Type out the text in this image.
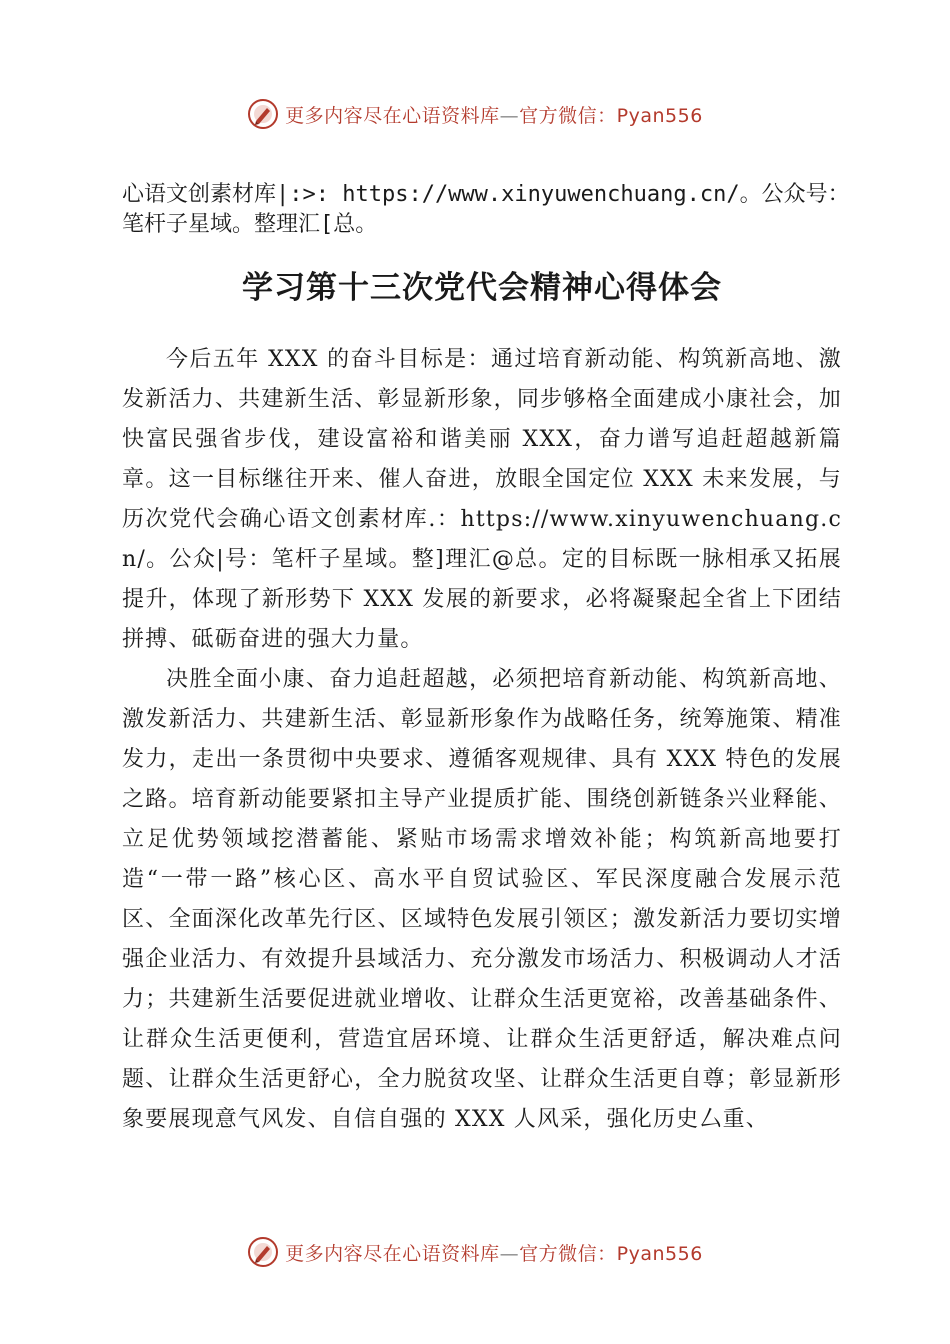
更多内容尽在心语资料库—官方微信：Pyan556

心语文创素材库|:>: https://www.xinyuwenchuang.cn/。公众号：笔杆子星域。整理汇[总。

学习第十三次党代会精神心得体会

今后五年 XXX 的奋斗目标是：通过培育新动能、构筑新高地、激发新活力、共建新生活、彰显新形象，同步够格全面建成小康社会，加快富民强省步伐，建设富裕和谐美丽 XXX，奋力谱写追赶超越新篇章。这一目标继往开来、催人奋进，放眼全国定位 XXX 未来发展，与历次党代会确心语文创素材库.：https://www.xinyuwenchuang.cn/。公众|号：笔杆子星域。整]理汇@总。定的目标既一脉相承又拓展提升，体现了新形势下 XXX 发展的新要求，必将凝聚起全省上下团结拼搏、砥砺奋进的强大力量。

决胜全面小康、奋力追赶超越，必须把培育新动能、构筑新高地、激发新活力、共建新生活、彰显新形象作为战略任务，统筹施策、精准发力，走出一条贯彻中央要求、遵循客观规律、具有 XXX 特色的发展之路。培育新动能要紧扣主导产业提质扩能、围绕创新链条兴业释能、立足优势领域挖潜蓄能、紧贴市场需求增效补能；构筑新高地要打造“一带一路”核心区、高水平自贸试验区、军民深度融合发展示范区、全面深化改革先行区、区域特色发展引领区；激发新活力要切实增强企业活力、有效提升县域活力、充分激发市场活力、积极调动人才活力；共建新生活要促进就业增收、让群众生活更宽裕，改善基础条件、让群众生活更便利，营造宜居环境、让群众生活更舒适，解决难点问题、让群众生活更舒心，全力脱贫攻坚、让群众生活更自尊；彰显新形象要展现意气风发、自信自强的 XXX 人风采，强化历史厶重、

更多内容尽在心语资料库—官方微信：Pyan556
